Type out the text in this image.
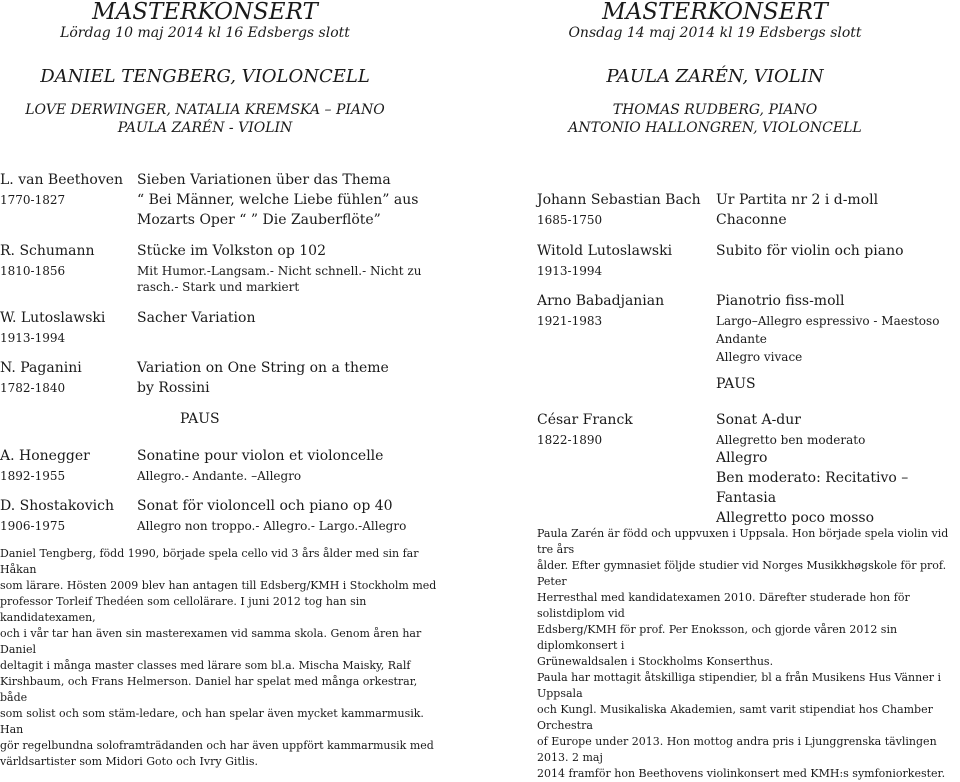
MASTERKONSERT

Lördag 10 maj 2014 kl 16 Edsbergs slott

DANIEL TENGBERG, VIOLONCELL

LOVE DERWINGER, NATALIA KREMSKA – PIANO

PAULA ZARÉN - VIOLIN

L. van Beethoven
1770-1827
Sieben Variationen über das Thema
“ Bei Männer, welche Liebe fühlen” aus
Mozarts Oper “ ” Die Zauberflöte”
R. Schumann
1810-1856
Stücke im Volkston op 102
Mit Humor.-Langsam.- Nicht schnell.- Nicht zu
rasch.- Stark und markiert
W. Lutoslawski
1913-1994
Sacher Variation
N. Paganini
1782-1840
Variation on One String on a theme
by Rossini
PAUS
A. Honegger
1892-1955
Sonatine pour violon et violoncelle
Allegro.- Andante. –Allegro
D. Shostakovich
1906-1975
Sonat för violoncell och piano op 40
Allegro non troppo.- Allegro.- Largo.-Allegro
Daniel Tengberg, född 1990, började spela cello vid 3 års ålder med sin far Håkan
som lärare. Hösten 2009 blev han antagen till Edsberg/KMH i Stockholm med
professor Torleif Thedéen som cellolärare. I juni 2012 tog han sin kandidatexamen,
och i vår tar han även sin masterexamen vid samma skola. Genom åren har Daniel
deltagit i många master classes med lärare som bl.a. Mischa Maisky, Ralf
Kirshbaum, och Frans Helmerson. Daniel har spelat med många orkestrar, både
som solist och som stäm-ledare, och han spelar även mycket kammarmusik. Han
gör regelbundna soloframträdanden och har även uppfört kammarmusik med
världsartister som Midori Goto och Ivry Gitlis.

MASTERKONSERT

Onsdag 14 maj 2014 kl 19 Edsbergs slott

PAULA ZARÉN, VIOLIN

THOMAS RUDBERG, PIANO

ANTONIO HALLONGREN, VIOLONCELL

Johann Sebastian Bach
1685-1750
Ur Partita nr 2 i d-moll
Chaconne
Witold Lutoslawski
1913-1994
Subito för violin och piano
Arno Babadjanian
1921-1983
Pianotrio fiss-moll
Largo–Allegro espressivo - Maestoso
Andante
Allegro vivace
PAUS
César Franck
1822-1890
Sonat A-dur
Allegretto ben moderato
Allegro
Ben moderato: Recitativo – Fantasia
Allegretto poco mosso
Paula Zarén är född och uppvuxen i Uppsala. Hon började spela violin vid tre års
ålder. Efter gymnasiet följde studier vid Norges Musikkhøgskole för prof. Peter
Herresthal med kandidatexamen 2010. Därefter studerade hon för solistdiplom vid
Edsberg/KMH för prof. Per Enoksson, och gjorde våren 2012 sin diplomkonsert i
Grünewaldsalen i Stockholms Konserthus.
Paula har mottagit åtskilliga stipendier, bl a från Musikens Hus Vänner i Uppsala
och Kungl. Musikaliska Akademien, samt varit stipendiat hos Chamber Orchestra
of Europe under 2013. Hon mottog andra pris i Ljunggrenska tävlingen 2013. 2 maj
2014 framför hon Beethovens violinkonsert med KMH:s symfoniorkester.
